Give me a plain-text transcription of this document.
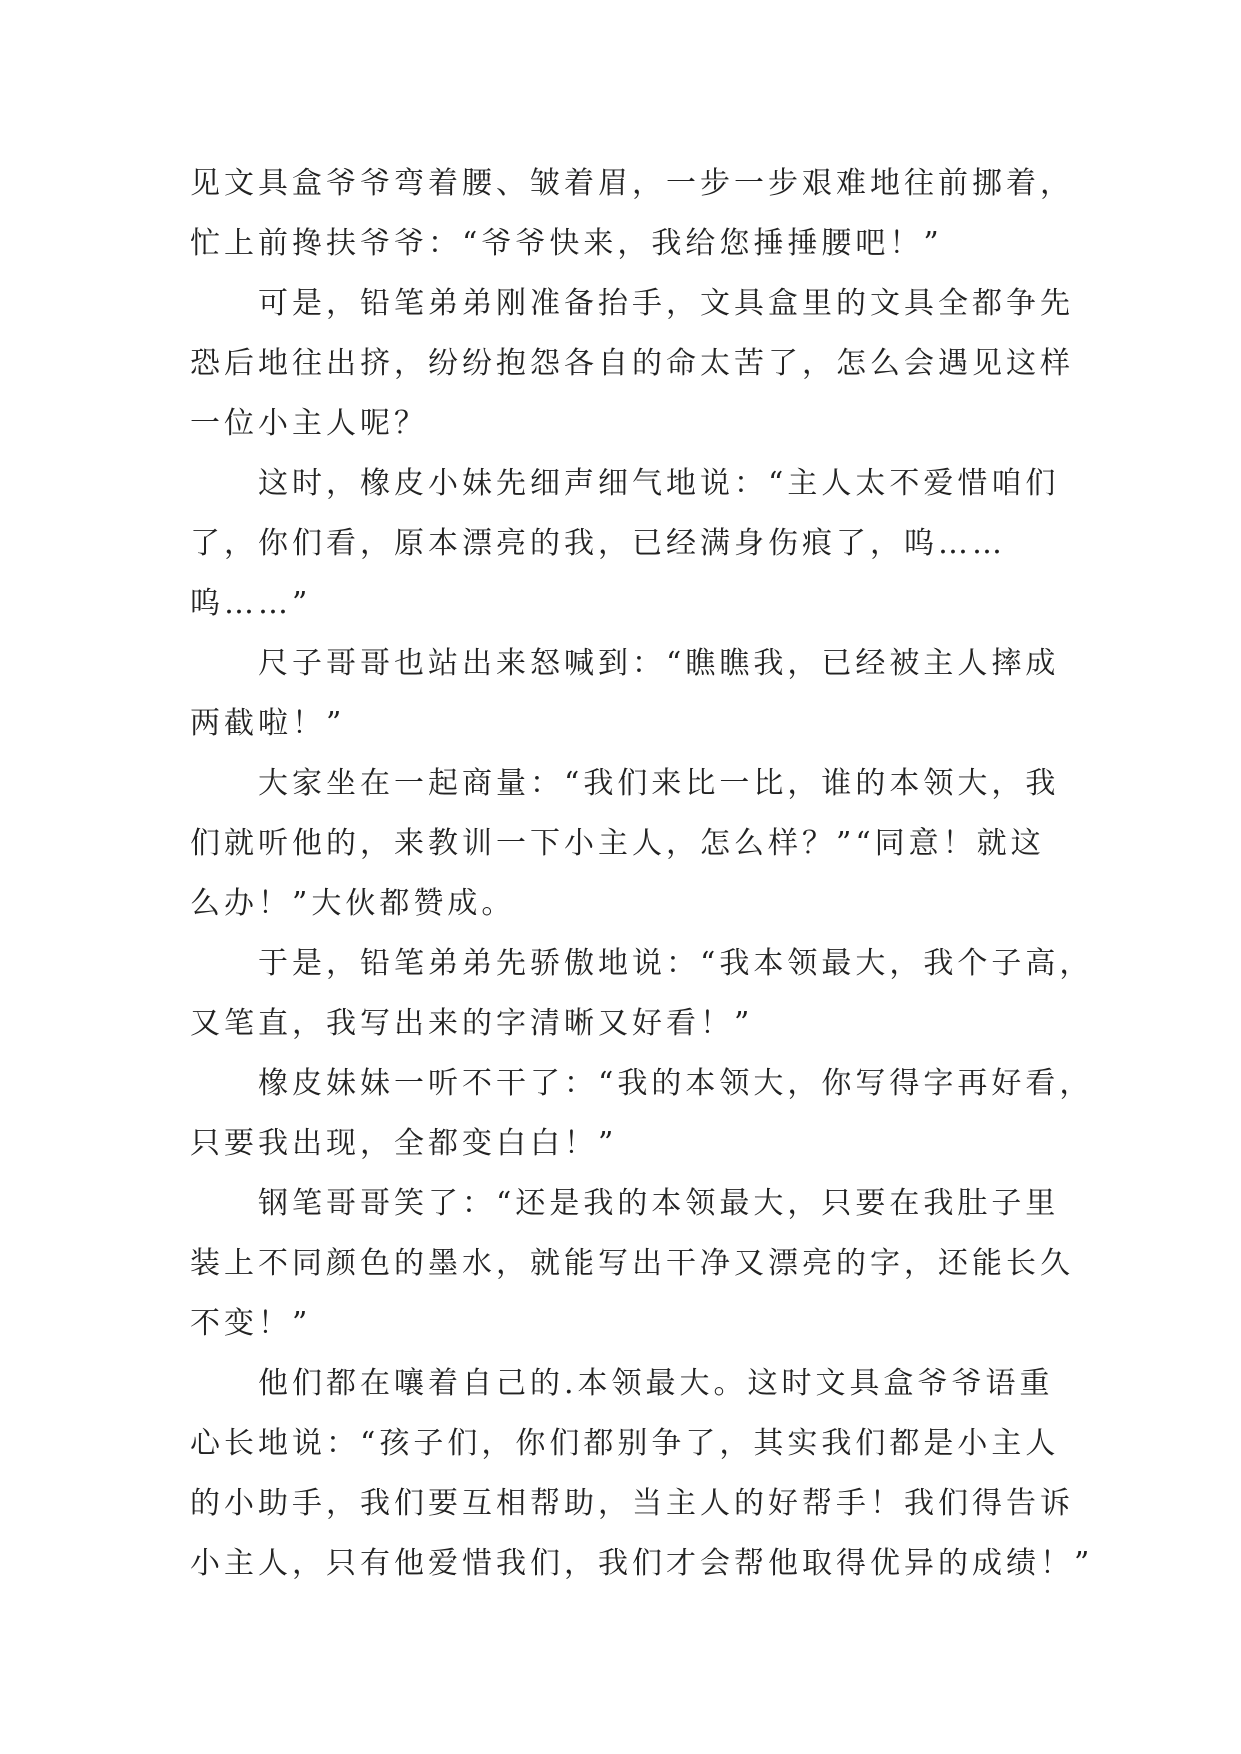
见文具盒爷爷弯着腰、皱着眉，一步一步艰难地往前挪着，
忙上前搀扶爷爷：“爷爷快来，我给您捶捶腰吧！”
可是，铅笔弟弟刚准备抬手，文具盒里的文具全都争先
恐后地往出挤，纷纷抱怨各自的命太苦了，怎么会遇见这样
一位小主人呢？
这时，橡皮小妹先细声细气地说：“主人太不爱惜咱们
了，你们看，原本漂亮的我，已经满身伤痕了，呜……
呜……”
尺子哥哥也站出来怒喊到：“瞧瞧我，已经被主人摔成
两截啦！”
大家坐在一起商量：“我们来比一比，谁的本领大，我
们就听他的，来教训一下小主人，怎么样？”“同意！就这
么办！”大伙都赞成。
于是，铅笔弟弟先骄傲地说：“我本领最大，我个子高，
又笔直，我写出来的字清晰又好看！”
橡皮妹妹一听不干了：“我的本领大，你写得字再好看，
只要我出现，全都变白白！”
钢笔哥哥笑了：“还是我的本领最大，只要在我肚子里
装上不同颜色的墨水，就能写出干净又漂亮的字，还能长久
不变！”
他们都在嚷着自己的.本领最大。这时文具盒爷爷语重
心长地说：“孩子们，你们都别争了，其实我们都是小主人
的小助手，我们要互相帮助，当主人的好帮手！我们得告诉
小主人，只有他爱惜我们，我们才会帮他取得优异的成绩！”
